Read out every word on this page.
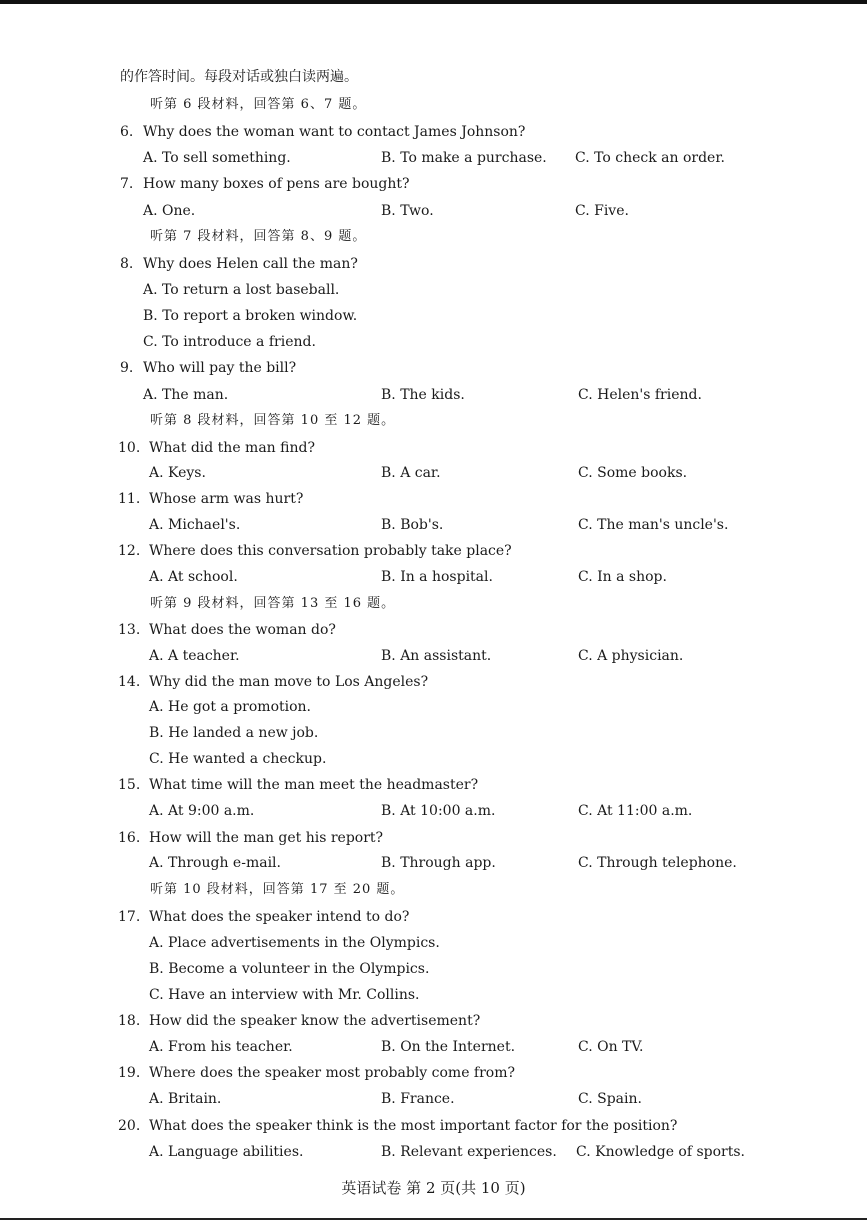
的作答时间。每段对话或独白读两遍。
听第 6 段材料，回答第 6、7 题。
6. Why does the woman want to contact James Johnson?
A. To sell something.	B. To make a purchase. C. To check an order.
7. How many boxes of pens are bought?
A. One.	B. Two.	C. Five.
听第 7 段材料，回答第 8、9 题。
8. Why does Helen call the man?
A. To return a lost baseball.
B. To report a broken window.
C. To introduce a friend.
9. Who will pay the bill?
A. The man.	B. The kids.	C. Helen's friend.
听第 8 段材料，回答第 10 至 12 题。
10. What did the man find?
A. Keys.	B. A car.	C. Some books.
11. Whose arm was hurt?
A. Michael's.	B. Bob's.	C. The man's uncle's.
12. Where does this conversation probably take place?
A. At school.	B. In a hospital.	C. In a shop.
听第 9 段材料，回答第 13 至 16 题。
13. What does the woman do?
A. A teacher.	B. An assistant.	C. A physician.
14. Why did the man move to Los Angeles?
A. He got a promotion.
B. He landed a new job.
C. He wanted a checkup.
15. What time will the man meet the headmaster?
A. At 9:00 a.m.	B. At 10:00 a.m.	C. At 11:00 a.m.
16. How will the man get his report?
A. Through e-mail.	B. Through app.	C. Through telephone.
听第 10 段材料，回答第 17 至 20 题。
17. What does the speaker intend to do?
A. Place advertisements in the Olympics.
B. Become a volunteer in the Olympics.
C. Have an interview with Mr. Collins.
18. How did the speaker know the advertisement?
A. From his teacher.	B. On the Internet.	C. On TV.
19. Where does the speaker most probably come from?
A. Britain.	B. France.	C. Spain.
20. What does the speaker think is the most important factor for the position?
A. Language abilities.	B. Relevant experiences. C. Knowledge of sports.
英语试卷 第 2 页(共 10 页)
